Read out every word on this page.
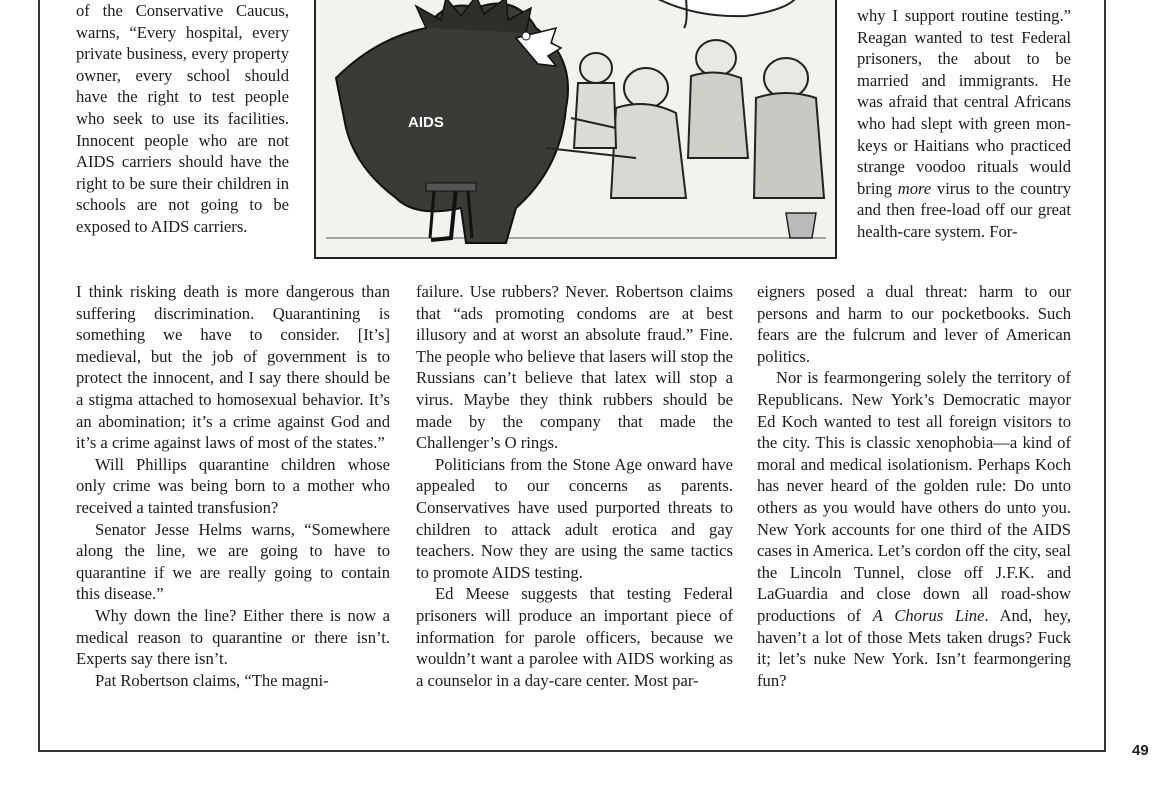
of the Conservative Caucus, warns, “Every hospital, every private business, every property owner, every school should have the right to test people who seek to use its facilities. Innocent people who are not AIDS carriers should have the right to be sure their children in schools are not going to be exposed to AIDS carriers.

AIDS

I think risking death is more dangerous than suffering discrimination. Quarantining is something we have to consider. [It’s] medieval, but the job of government is to protect the innocent, and I say there should be a stigma attached to homosexual behavior. It’s an abomination; it’s a crime against God and it’s a crime against laws of most of the states.”

Will Phillips quarantine children whose only crime was being born to a mother who received a tainted transfusion?

Senator Jesse Helms warns, “Somewhere along the line, we are going to have to quarantine if we are really going to contain this disease.”

Why down the line? Either there is now a medical reason to quarantine or there isn’t. Experts say there isn’t.

Pat Robertson claims, “The magni-

failure. Use rubbers? Never. Robertson claims that “ads promoting condoms are at best illusory and at worst an absolute fraud.” Fine. The people who believe that lasers will stop the Russians can’t believe that latex will stop a virus. Maybe they think rubbers should be made by the company that made the Challenger’s O rings.

Politicians from the Stone Age onward have appealed to our concerns as parents. Conservatives have used purported threats to children to attack adult erotica and gay teachers. Now they are using the same tactics to promote AIDS testing.

Ed Meese suggests that testing Federal prisoners will produce an important piece of information for parole officers, because we wouldn’t want a parolee with AIDS working as a counselor in a day-care center. Most par-

why I support routine testing.” Reagan wanted to test Federal prisoners, the about to be married and immigrants. He was afraid that central Africans who had slept with green monkeys or Haitians who practiced strange voodoo rituals would bring more virus to the country and then free-load off our great health-care system. For-

eigners posed a dual threat: harm to our persons and harm to our pocketbooks. Such fears are the fulcrum and lever of American politics.

Nor is fearmongering solely the territory of Republicans. New York’s Democratic mayor Ed Koch wanted to test all foreign visitors to the city. This is classic xenophobia—a kind of moral and medical isolationism. Perhaps Koch has never heard of the golden rule: Do unto others as you would have others do unto you. New York accounts for one third of the AIDS cases in America. Let’s cordon off the city, seal the Lincoln Tunnel, close off J.F.K. and LaGuardia and close down all road-show productions of A Chorus Line. And, hey, haven’t a lot of those Mets taken drugs? Fuck it; let’s nuke New York. Isn’t fearmongering fun?

49
